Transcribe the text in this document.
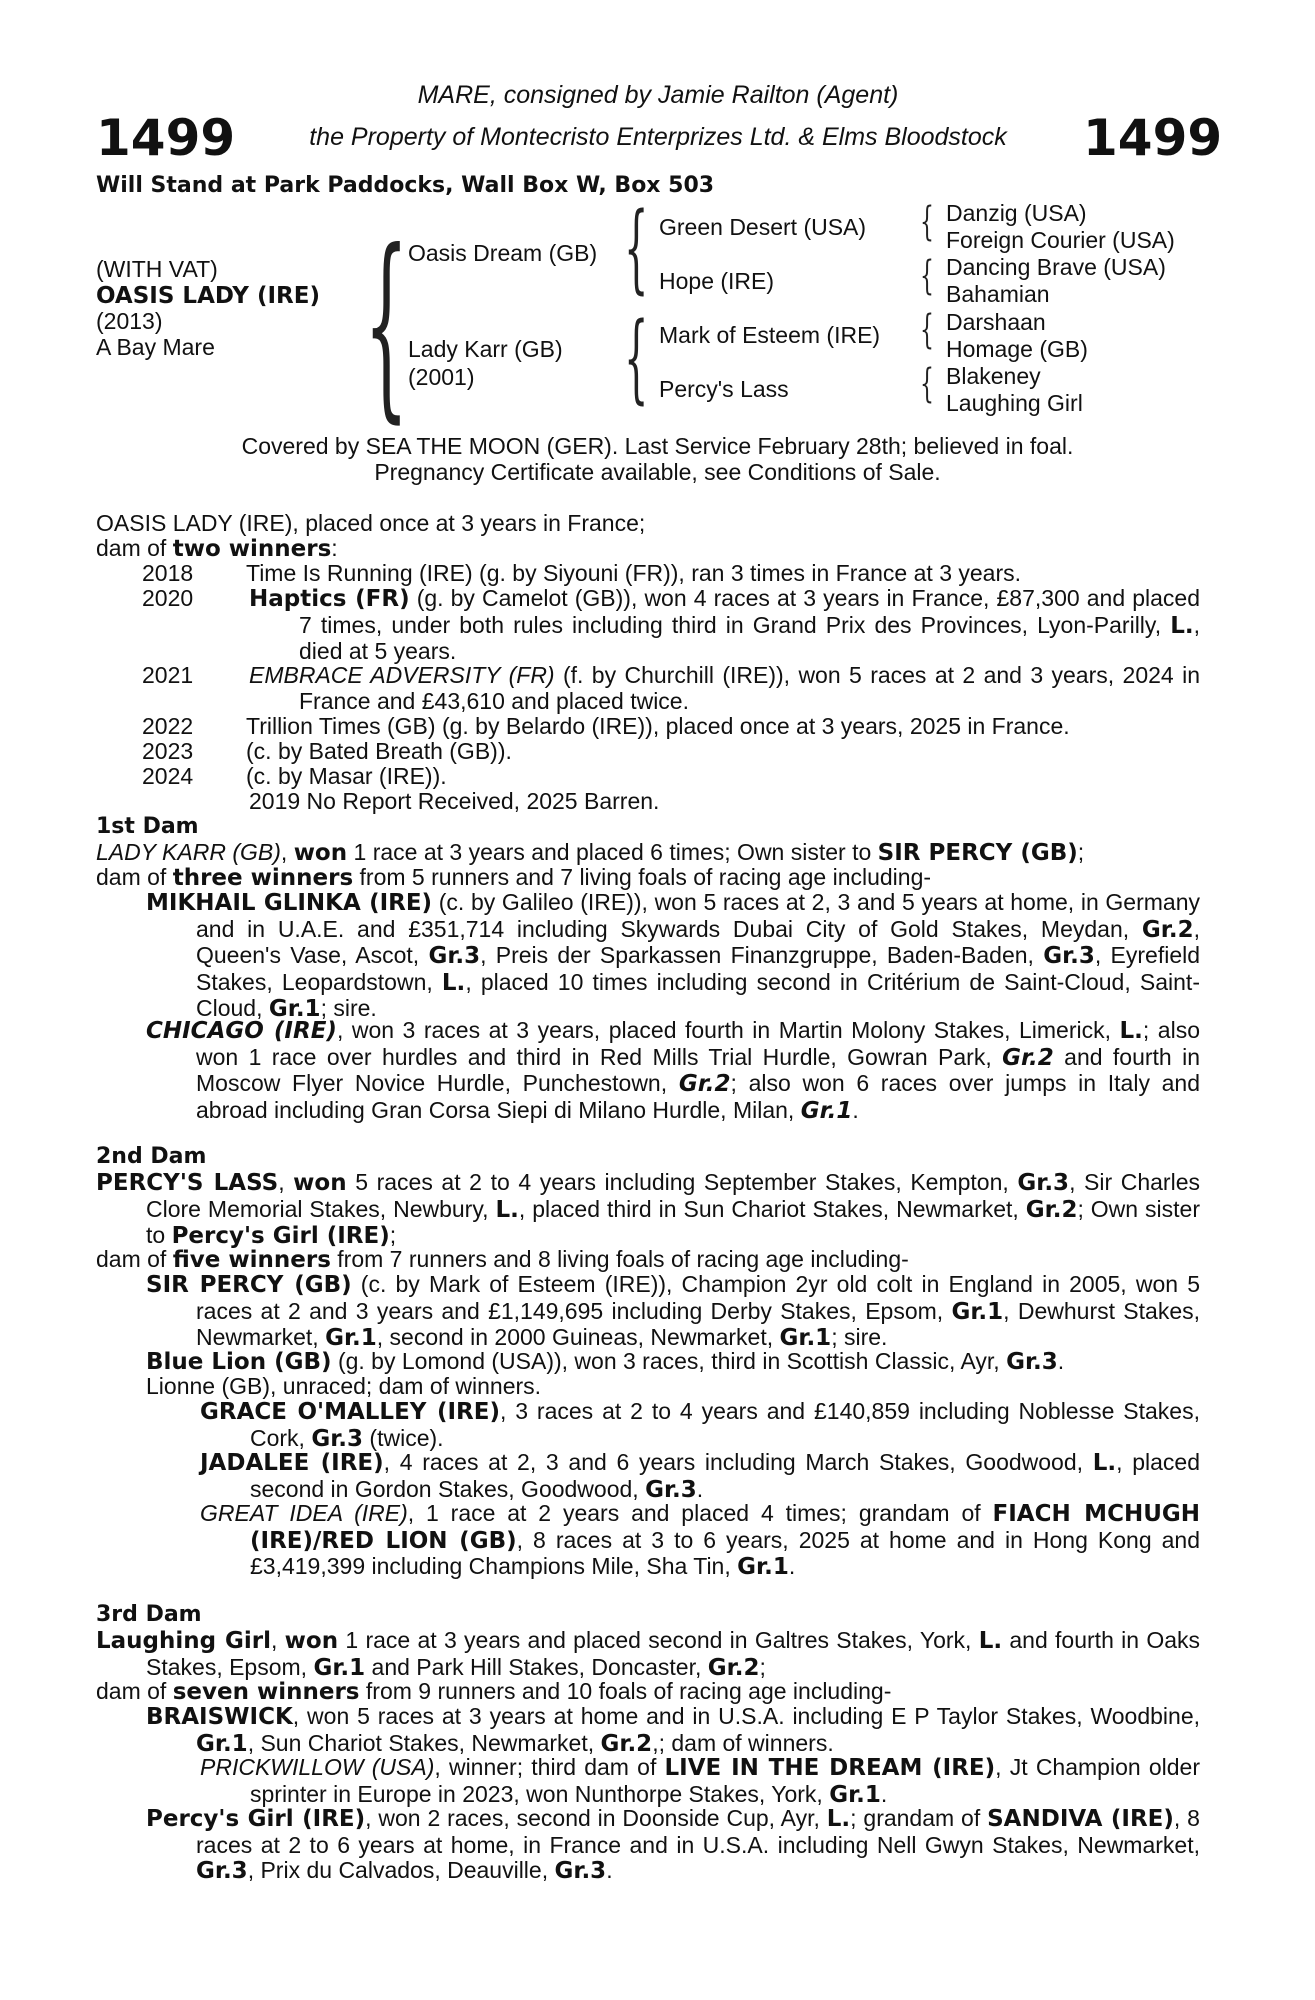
1499	1499
MARE, consigned by Jamie Railton (Agent)
the Property of Montecristo Enterprizes Ltd. & Elms Bloodstock
Will Stand at Park Paddocks, Wall Box W, Box 503
(WITH VAT)
OASIS LADY (IRE)
(2013)
A Bay Mare { Oasis Dream (GB)
Lady Karr (GB)
(2001)
{
{
Green Desert (USA)
Hope (IRE)
Mark of Esteem (IRE)
Percy's Lass
{
{
{
{
Danzig (USA)
Foreign Courier (USA)
Dancing Brave (USA)
Bahamian
Darshaan
Homage (GB)
Blakeney
Laughing Girl
Covered by SEA THE MOON (GER). Last Service February 28th; believed in foal.
Pregnancy Certificate available, see Conditions of Sale.
OASIS LADY (IRE), placed once at 3 years in France;
dam of two winners:
2018 Time Is Running (IRE) (g. by Siyouni (FR)), ran 3 times in France at 3 years.
2020 Haptics (FR) (g. by Camelot (GB)), won 4 races at 3 years in France, £87,300 and placed 7 times, under both rules including third in Grand Prix des Provinces, Lyon-Parilly, L., died at 5 years.
2021 EMBRACE ADVERSITY (FR) (f. by Churchill (IRE)), won 5 races at 2 and 3 years, 2024 in France and £43,610 and placed twice.
2022 Trillion Times (GB) (g. by Belardo (IRE)), placed once at 3 years, 2025 in France.
2023 (c. by Bated Breath (GB)).
2024 (c. by Masar (IRE)).
2019 No Report Received, 2025 Barren.
1st Dam
LADY KARR (GB), won 1 race at 3 years and placed 6 times; Own sister to SIR PERCY (GB);
dam of three winners from 5 runners and 7 living foals of racing age including-
MIKHAIL GLINKA (IRE) (c. by Galileo (IRE)), won 5 races at 2, 3 and 5 years at home, in Germany and in U.A.E. and £351,714 including Skywards Dubai City of Gold Stakes, Meydan, Gr.2, Queen's Vase, Ascot, Gr.3, Preis der Sparkassen Finanzgruppe, Baden-Baden, Gr.3, Eyrefield Stakes, Leopardstown, L., placed 10 times including second in Critérium de Saint-Cloud, Saint-Cloud, Gr.1; sire.
CHICAGO (IRE), won 3 races at 3 years, placed fourth in Martin Molony Stakes, Limerick, L.; also won 1 race over hurdles and third in Red Mills Trial Hurdle, Gowran Park, Gr.2 and fourth in Moscow Flyer Novice Hurdle, Punchestown, Gr.2; also won 6 races over jumps in Italy and abroad including Gran Corsa Siepi di Milano Hurdle, Milan, Gr.1.
2nd Dam
PERCY'S LASS, won 5 races at 2 to 4 years including September Stakes, Kempton, Gr.3, Sir Charles Clore Memorial Stakes, Newbury, L., placed third in Sun Chariot Stakes, Newmarket, Gr.2; Own sister to Percy's Girl (IRE);
dam of five winners from 7 runners and 8 living foals of racing age including-
SIR PERCY (GB) (c. by Mark of Esteem (IRE)), Champion 2yr old colt in England in 2005, won 5 races at 2 and 3 years and £1,149,695 including Derby Stakes, Epsom, Gr.1, Dewhurst Stakes, Newmarket, Gr.1, second in 2000 Guineas, Newmarket, Gr.1; sire.
Blue Lion (GB) (g. by Lomond (USA)), won 3 races, third in Scottish Classic, Ayr, Gr.3.
Lionne (GB), unraced; dam of winners.
GRACE O'MALLEY (IRE), 3 races at 2 to 4 years and £140,859 including Noblesse Stakes, Cork, Gr.3 (twice).
JADALEE (IRE), 4 races at 2, 3 and 6 years including March Stakes, Goodwood, L., placed second in Gordon Stakes, Goodwood, Gr.3.
GREAT IDEA (IRE), 1 race at 2 years and placed 4 times; grandam of FIACH MCHUGH (IRE)/RED LION (GB), 8 races at 3 to 6 years, 2025 at home and in Hong Kong and £3,419,399 including Champions Mile, Sha Tin, Gr.1.
3rd Dam
Laughing Girl, won 1 race at 3 years and placed second in Galtres Stakes, York, L. and fourth in Oaks Stakes, Epsom, Gr.1 and Park Hill Stakes, Doncaster, Gr.2;
dam of seven winners from 9 runners and 10 foals of racing age including-
BRAISWICK, won 5 races at 3 years at home and in U.S.A. including E P Taylor Stakes, Woodbine, Gr.1, Sun Chariot Stakes, Newmarket, Gr.2,; dam of winners.
PRICKWILLOW (USA), winner; third dam of LIVE IN THE DREAM (IRE), Jt Champion older sprinter in Europe in 2023, won Nunthorpe Stakes, York, Gr.1.
Percy's Girl (IRE), won 2 races, second in Doonside Cup, Ayr, L.; grandam of SANDIVA (IRE), 8 races at 2 to 6 years at home, in France and in U.S.A. including Nell Gwyn Stakes, Newmarket, Gr.3, Prix du Calvados, Deauville, Gr.3.
